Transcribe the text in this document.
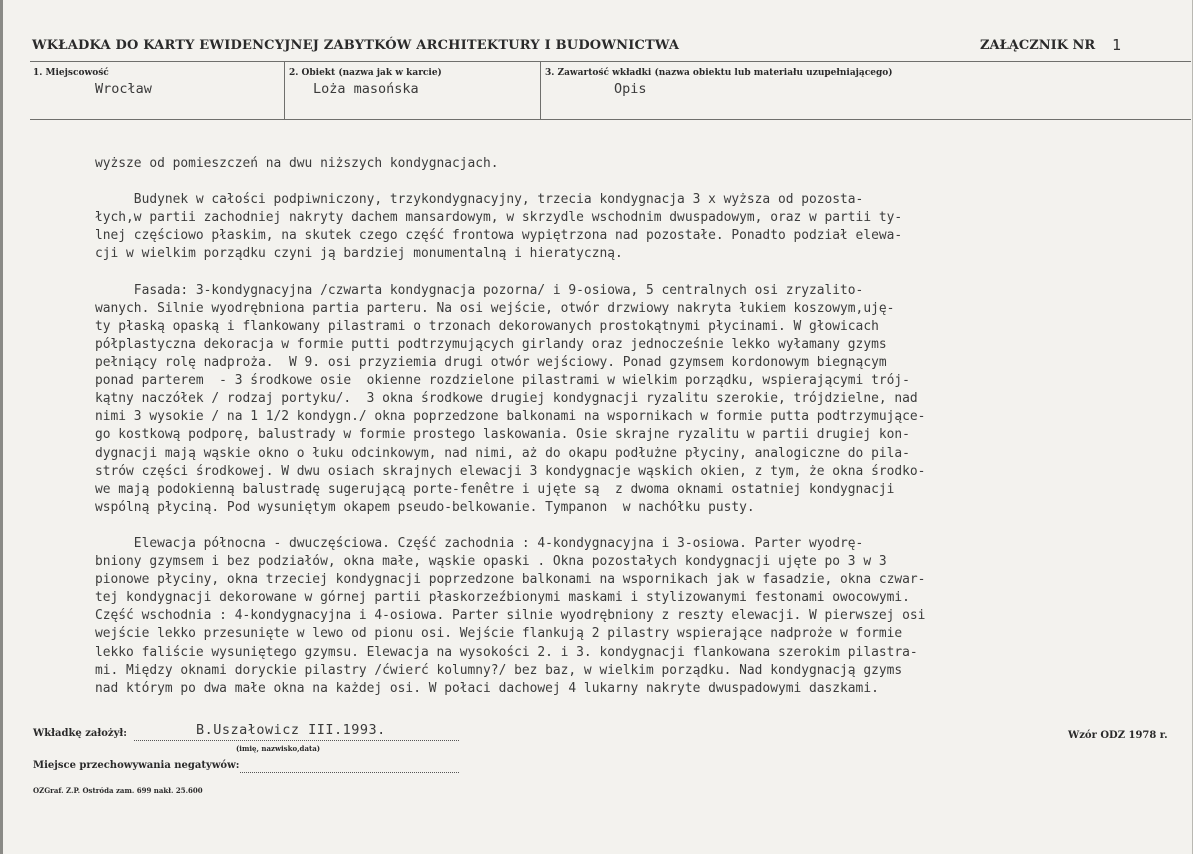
WKŁADKA DO KARTY EWIDENCYJNEJ ZABYTKÓW ARCHITEKTURY I BUDOWNICTWA	ZAŁĄCZNIK NR 1
1. Miejscowość
Wrocław
2. Obiekt (nazwa jak w karcie)
Loża masońska
3. Zawartość wkładki (nazwa obiektu lub materiału uzupełniającego)
Opis

wyższe od pomieszczeń na dwu niższych kondygnacjach.

Budynek w całości podpiwniczony, trzykondygnacyjny, trzecia kondygnacja 3 x wyższa od pozosta-
łych,w partii zachodniej nakryty dachem mansardowym, w skrzydle wschodnim dwuspadowym, oraz w partii ty-
lnej częściowo płaskim, na skutek czego część frontowa wypiętrzona nad pozostałe. Ponadto podział elewa-
cji w wielkim porządku czyni ją bardziej monumentalną i hieratyczną.

Fasada: 3-kondygnacyjna /czwarta kondygnacja pozorna/ i 9-osiowa, 5 centralnych osi zryzalito-
wanych. Silnie wyodrębniona partia parteru. Na osi wejście, otwór drzwiowy nakryta łukiem koszowym,uję-
ty płaską opaską i flankowany pilastrami o trzonach dekorowanych prostokątnymi płycinami. W głowicach
półplastyczna dekoracja w formie putti podtrzymujących girlandy oraz jednocześnie lekko wyłamany gzyms
pełniący rolę nadproża.  W 9. osi przyziemia drugi otwór wejściowy. Ponad gzymsem kordonowym biegnącym
ponad parterem  - 3 środkowe osie  okienne rozdzielone pilastrami w wielkim porządku, wspierającymi trój-
kątny naczółek / rodzaj portyku/.  3 okna środkowe drugiej kondygnacji ryzalitu szerokie, trójdzielne, nad
nimi 3 wysokie / na 1 1/2 kondygn./ okna poprzedzone balkonami na wspornikach w formie putta podtrzymujące-
go kostkową podporę, balustrady w formie prostego laskowania. Osie skrajne ryzalitu w partii drugiej kon-
dygnacji mają wąskie okno o łuku odcinkowym, nad nimi, aż do okapu podłużne płyciny, analogiczne do pila-
strów części środkowej. W dwu osiach skrajnych elewacji 3 kondygnacje wąskich okien, z tym, że okna środko-
we mają podokienną balustradę sugerującą porte-fenêtre i ujęte są  z dwoma oknami ostatniej kondygnacji
wspólną płyciną. Pod wysuniętym okapem pseudo-belkowanie. Tympanon  w nachółku pusty.

Elewacja północna - dwuczęściowa. Część zachodnia : 4-kondygnacyjna i 3-osiowa. Parter wyodrę-
bniony gzymsem i bez podziałów, okna małe, wąskie opaski . Okna pozostałych kondygnacji ujęte po 3 w 3
pionowe płyciny, okna trzeciej kondygnacji poprzedzone balkonami na wspornikach jak w fasadzie, okna czwar-
tej kondygnacji dekorowane w górnej partii płaskorzeźbionymi maskami i stylizowanymi festonami owocowymi.
Część wschodnia : 4-kondygnacyjna i 4-osiowa. Parter silnie wyodrębniony z reszty elewacji. W pierwszej osi
wejście lekko przesunięte w lewo od pionu osi. Wejście flankują 2 pilastry wspierające nadproże w formie
lekko faliście wysuniętego gzymsu. Elewacja na wysokości 2. i 3. kondygnacji flankowana szerokim pilastra-
mi. Między oknami doryckie pilastry /ćwierć kolumny?/ bez baz, w wielkim porządku. Nad kondygnacją gzyms
nad którym po dwa małe okna na każdej osi. W połaci dachowej 4 lukarny nakryte dwuspadowymi daszkami.

Wkładkę założył:	B.Uszałowicz III.1993.
(imię, nazwisko,data)
Wzór ODZ 1978 r.
Miejsce przechowywania negatywów:
OZGraf. Z.P. Ostróda zam. 699 nakł. 25.600
